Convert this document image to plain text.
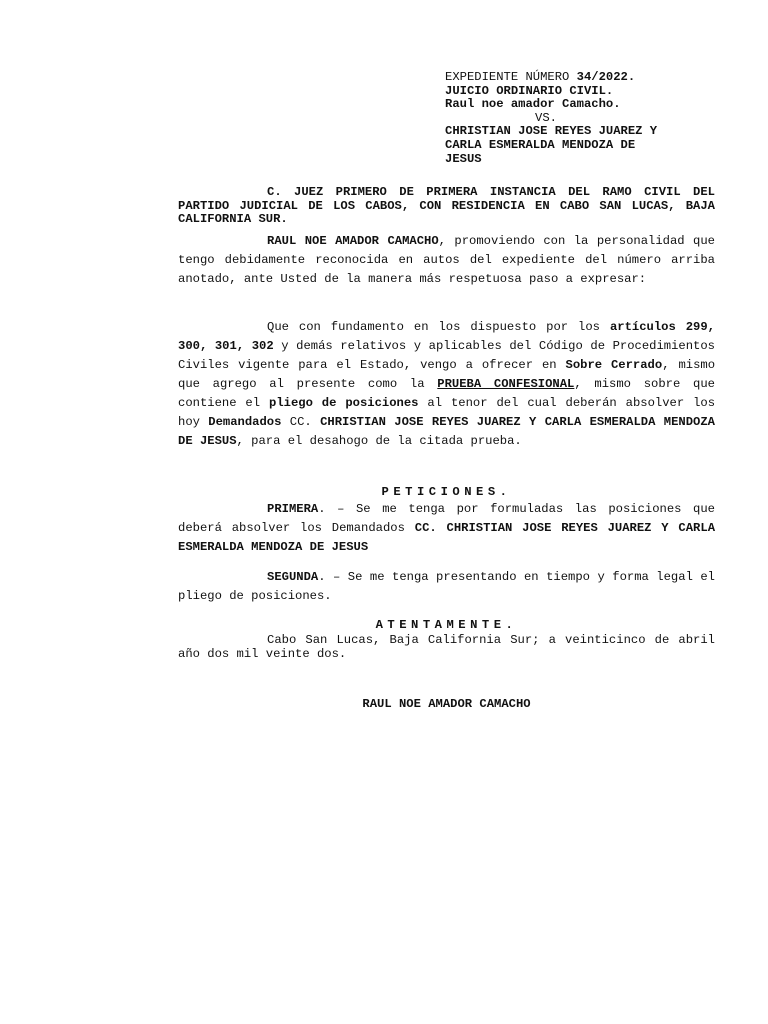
EXPEDIENTE NÚMERO 34/2022.
JUICIO ORDINARIO CIVIL.
Raul noe amador Camacho.
VS.
CHRISTIAN JOSE REYES JUAREZ Y
CARLA ESMERALDA MENDOZA DE
JESUS
C. JUEZ PRIMERO DE PRIMERA INSTANCIA DEL RAMO CIVIL DEL PARTIDO JUDICIAL DE LOS CABOS, CON RESIDENCIA EN CABO SAN LUCAS, BAJA CALIFORNIA SUR.
RAUL NOE AMADOR CAMACHO, promoviendo con la personalidad que tengo debidamente reconocida en autos del expediente del número arriba anotado, ante Usted de la manera más respetuosa paso a expresar:
Que con fundamento en los dispuesto por los artículos 299, 300, 301, 302 y demás relativos y aplicables del Código de Procedimientos Civiles vigente para el Estado, vengo a ofrecer en Sobre Cerrado, mismo que agrego al presente como la PRUEBA CONFESIONAL, mismo sobre que contiene el pliego de posiciones al tenor del cual deberán absolver los hoy Demandados CC. CHRISTIAN JOSE REYES JUAREZ Y CARLA ESMERALDA MENDOZA DE JESUS, para el desahogo de la citada prueba.
PETICIONES.
PRIMERA. – Se me tenga por formuladas las posiciones que deberá absolver los Demandados CC. CHRISTIAN JOSE REYES JUAREZ Y CARLA ESMERALDA MENDOZA DE JESUS
SEGUNDA. – Se me tenga presentando en tiempo y forma legal el pliego de posiciones.
ATENTAMENTE.
Cabo San Lucas, Baja California Sur; a veinticinco de abril año dos mil veinte dos.
RAUL NOE AMADOR CAMACHO
